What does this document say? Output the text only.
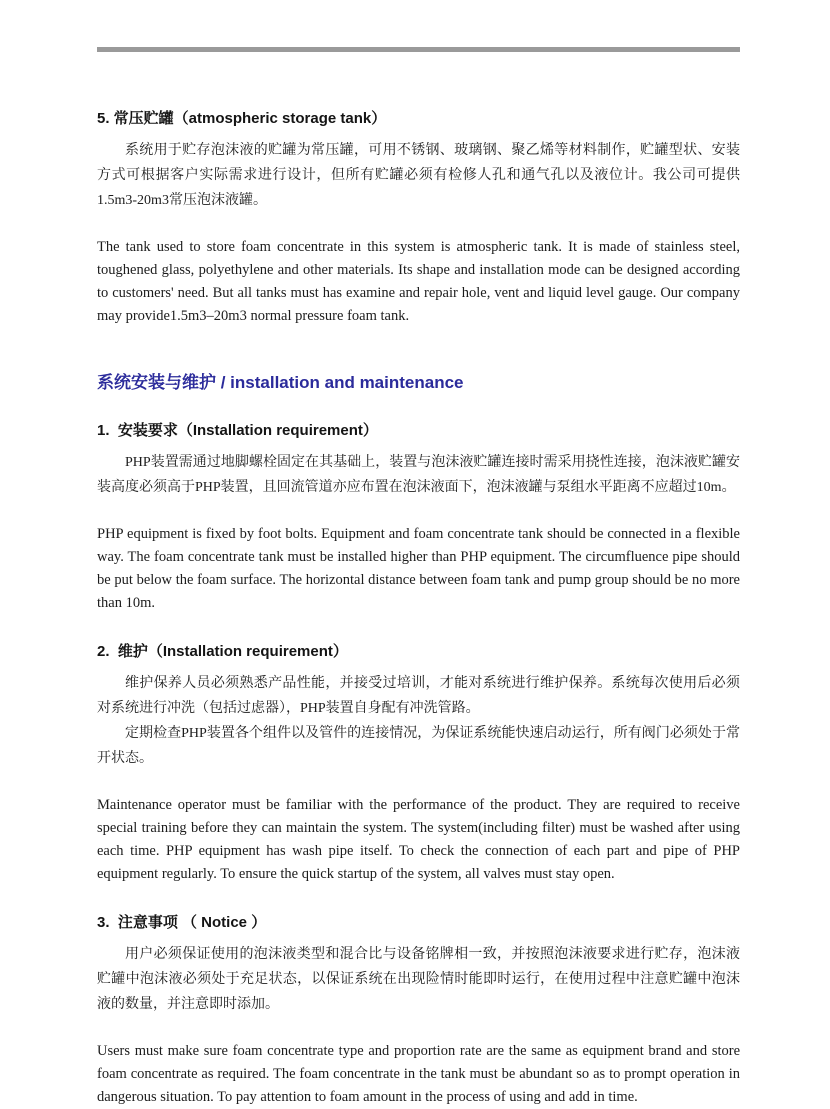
5. 常压贮罐（atmospheric storage tank）

系统用于贮存泡沫液的贮罐为常压罐，可用不锈钢、玻璃钢、聚乙烯等材料制作，贮罐型状、安装方式可根据客户实际需求进行设计，但所有贮罐必须有检修人孔和通气孔以及液位计。我公司可提供1.5m3-20m3常压泡沫液罐。

The tank used to store foam concentrate in this system is atmospheric tank. It is made of stainless steel, toughened glass, polyethylene and other materials. Its shape and installation mode can be designed according to customers' need. But all tanks must has examine and repair hole, vent and liquid level gauge. Our company may provide1.5m3–20m3 normal pressure foam tank.

系统安装与维护 / installation and maintenance
1.  安装要求（Installation requirement）

PHP装置需通过地脚螺栓固定在其基础上，装置与泡沫液贮罐连接时需采用挠性连接，泡沫液贮罐安装高度必须高于PHP装置，且回流管道亦应布置在泡沫液面下，泡沫液罐与泵组水平距离不应超过10m。

PHP equipment is fixed by foot bolts. Equipment and foam concentrate tank should be connected in a flexible way. The foam concentrate tank must be installed higher than PHP equipment. The circumfluence pipe should be put below the foam surface. The horizontal distance between foam tank and pump group should be no more than 10m.

2.  维护（Installation requirement）

维护保养人员必须熟悉产品性能，并接受过培训，才能对系统进行维护保养。系统每次使用后必须对系统进行冲洗（包括过虑器），PHP装置自身配有冲洗管路。

定期检查PHP装置各个组件以及管件的连接情况，为保证系统能快速启动运行，所有阀门必须处于常开状态。

Maintenance operator must be familiar with the performance of the product. They are required to receive special training before they can maintain the system. The system(including filter) must be washed after using each time. PHP equipment has wash pipe itself. To check the connection of each part and pipe of PHP equipment regularly. To ensure the quick startup of the system, all valves must stay open.

3.  注意事项 （ Notice ）

用户必须保证使用的泡沫液类型和混合比与设备铭牌相一致，并按照泡沫液要求进行贮存，泡沫液贮罐中泡沫液必须处于充足状态，以保证系统在出现险情时能即时运行，在使用过程中注意贮罐中泡沫液的数量，并注意即时添加。

Users must make sure foam concentrate type and proportion rate are the same as equipment brand and store foam concentrate as required. The foam concentrate in the tank must be abundant so as to prompt operation in dangerous situation. To pay attention to foam amount in the process of using and add in time.
